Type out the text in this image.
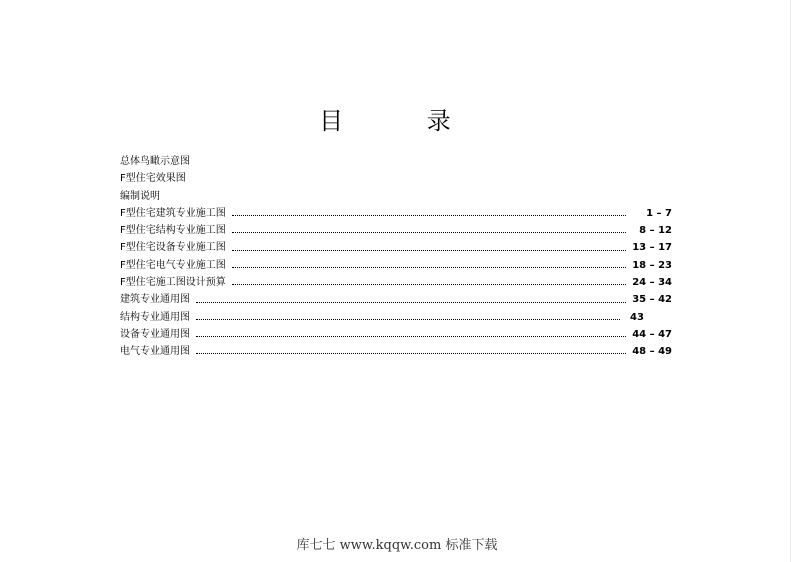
目 录
总体鸟瞰示意图
F型住宅效果图
编制说明
F型住宅建筑专业施工图	1 – 7
F型住宅结构专业施工图	8 – 12
F型住宅设备专业施工图	13 – 17
F型住宅电气专业施工图	18 – 23
F型住宅施工图设计预算	24 – 34
建筑专业通用图	35 – 42
结构专业通用图	43
设备专业通用图	44 – 47
电气专业通用图	48 – 49
库七七 www.kqqw.com 标准下载
